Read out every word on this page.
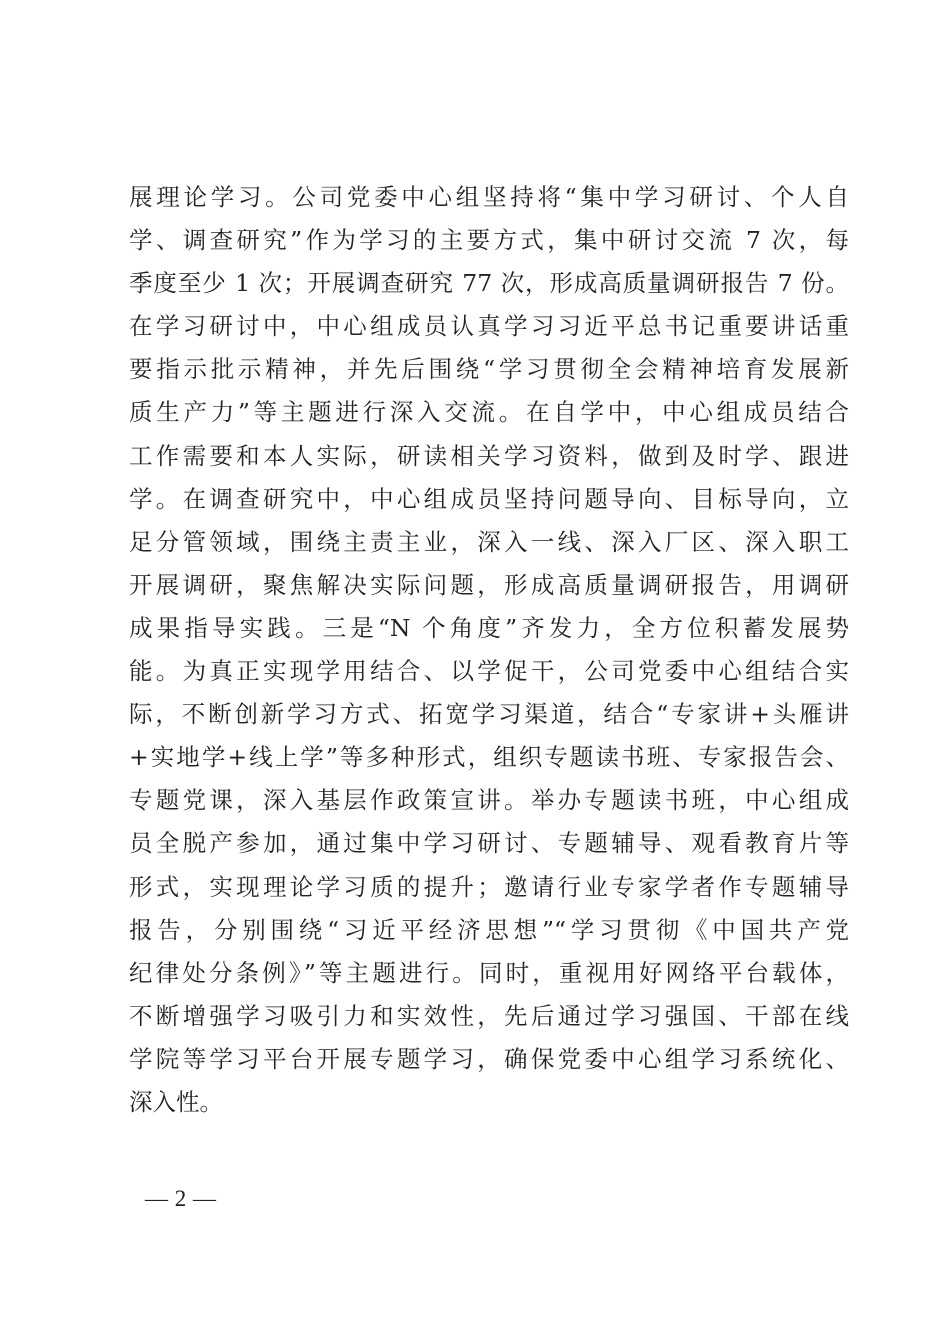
展理论学习。公司党委中心组坚持将“集中学习研讨、个人自
学、调查研究”作为学习的主要方式，集中研讨交流 7 次，每
季度至少 1 次；开展调查研究 77 次，形成高质量调研报告 7 份。
在学习研讨中，中心组成员认真学习习近平总书记重要讲话重
要指示批示精神，并先后围绕“学习贯彻全会精神培育发展新
质生产力”等主题进行深入交流。在自学中，中心组成员结合
工作需要和本人实际，研读相关学习资料，做到及时学、跟进
学。在调查研究中，中心组成员坚持问题导向、目标导向，立
足分管领域，围绕主责主业，深入一线、深入厂区、深入职工
开展调研，聚焦解决实际问题，形成高质量调研报告，用调研
成果指导实践。三是“N 个角度”齐发力，全方位积蓄发展势
能。为真正实现学用结合、以学促干，公司党委中心组结合实
际，不断创新学习方式、拓宽学习渠道，结合“专家讲+头雁讲
+实地学+线上学”等多种形式，组织专题读书班、专家报告会、
专题党课，深入基层作政策宣讲。举办专题读书班，中心组成
员全脱产参加，通过集中学习研讨、专题辅导、观看教育片等
形式，实现理论学习质的提升；邀请行业专家学者作专题辅导
报告，分别围绕“习近平经济思想”“学习贯彻《中国共产党
纪律处分条例》”等主题进行。同时，重视用好网络平台载体，
不断增强学习吸引力和实效性，先后通过学习强国、干部在线
学院等学习平台开展专题学习，确保党委中心组学习系统化、
深入性。
— 2 —
